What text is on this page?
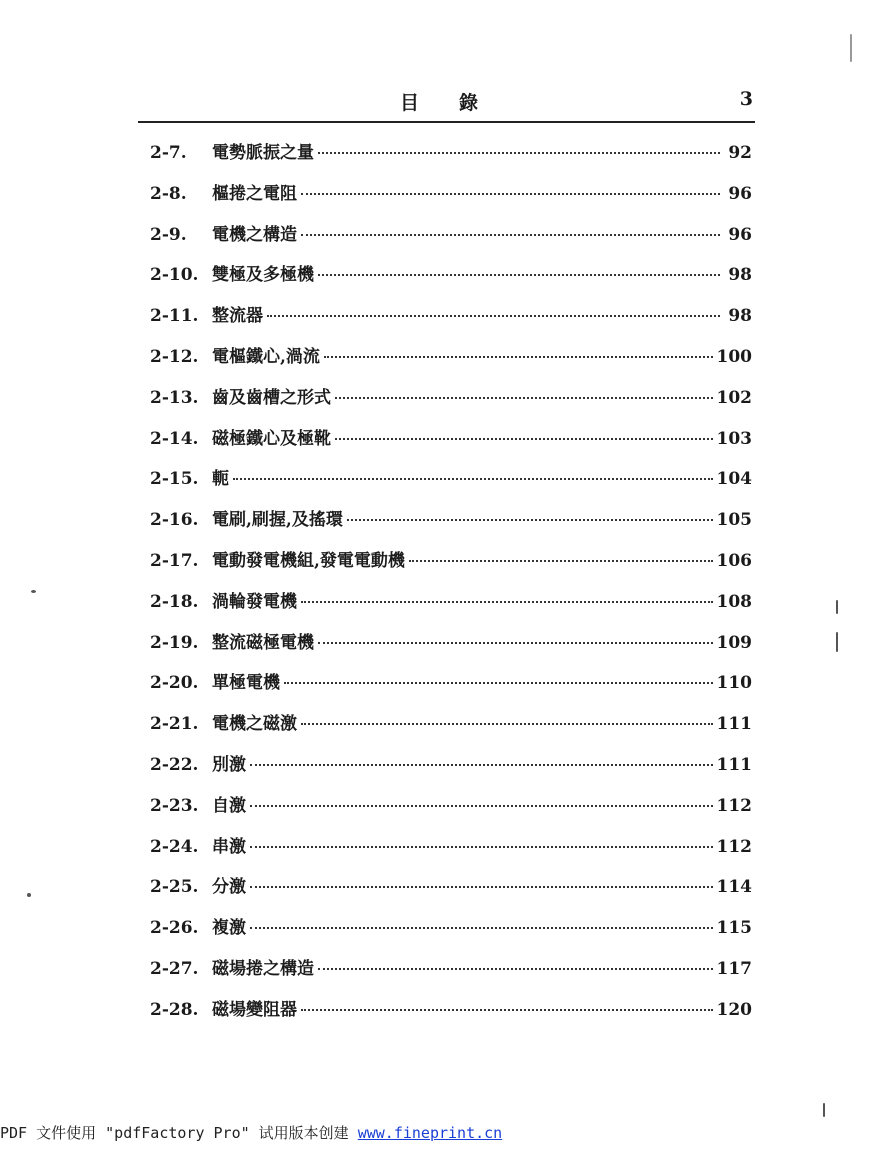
目錄	3
2-7.	電勢脈振之量	92
2-8.	樞捲之電阻	96
2-9.	電機之構造	96
2-10. 雙極及多極機	98
2-11. 整流器	98
2-12. 電樞鐵心,渦流	100
2-13. 齒及齒槽之形式	102
2-14. 磁極鐵心及極靴	103
2-15. 軛	104
2-16. 電刷,刷握,及搖環	105
2-17. 電動發電機組,發電電動機	106
2-18. 渦輪發電機	108
2-19. 整流磁極電機	109
2-20. 單極電機	110
2-21. 電機之磁激	111
2-22. 別激	111
2-23. 自激	112
2-24. 串激	112
2-25. 分激	114
2-26. 複激	115
2-27. 磁場捲之構造	117
2-28. 磁場變阻器	120
PDF 文件使用 "pdfFactory Pro" 试用版本创建 www.fineprint.cn
